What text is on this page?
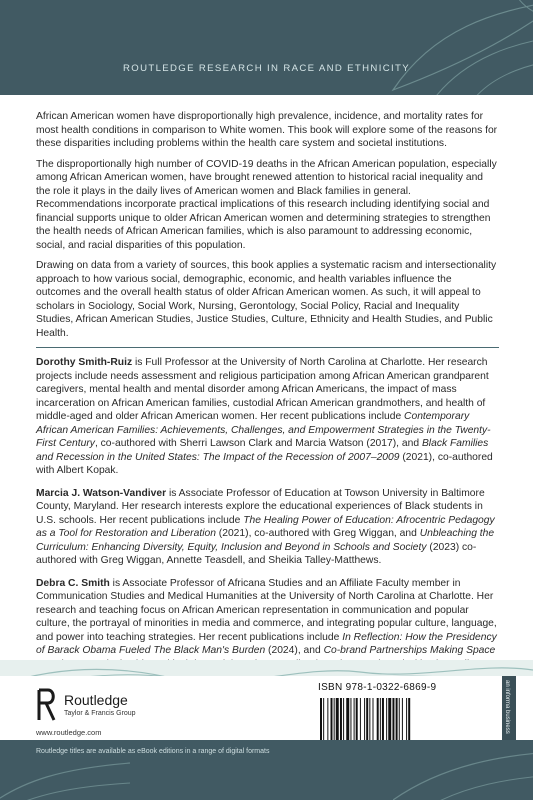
ROUTLEDGE RESEARCH IN RACE AND ETHNICITY

African American women have disproportionally high prevalence, incidence, and mortality rates for most health conditions in comparison to White women. This book will explore some of the reasons for these disparities including problems within the health care system and societal institutions.

The disproportionally high number of COVID-19 deaths in the African American population, especially among African American women, have brought renewed attention to historical racial inequality and the role it plays in the daily lives of American women and Black families in general. Recommendations incorporate practical implications of this research including identifying social and financial supports unique to older African American women and determining strategies to strengthen the health needs of African American families, which is also paramount to addressing economic, social, and racial disparities of this population.

Drawing on data from a variety of sources, this book applies a systematic racism and intersectionality approach to how various social, demographic, economic, and health variables influence the outcomes and the overall health status of older African American women. As such, it will appeal to scholars in Sociology, Social Work, Nursing, Gerontology, Social Policy, Racial and Inequality Studies, African American Studies, Justice Studies, Culture, Ethnicity and Health Studies, and Public Health.

Dorothy Smith-Ruiz is Full Professor at the University of North Carolina at Charlotte. Her research projects include needs assessment and religious participation among African American grandparent caregivers, mental health and mental disorder among African Americans, the impact of mass incarceration on African American families, custodial African American grandmothers, and health of middle-aged and older African American women. Her recent publications include Contemporary African American Families: Achievements, Challenges, and Empowerment Strategies in the Twenty-First Century, co-authored with Sherri Lawson Clark and Marcia Watson (2017), and Black Families and Recession in the United States: The Impact of the Recession of 2007–2009 (2021), co-authored with Albert Kopak.
Marcia J. Watson-Vandiver is Associate Professor of Education at Towson University in Baltimore County, Maryland. Her research interests explore the educational experiences of Black students in U.S. schools. Her recent publications include The Healing Power of Education: Afrocentric Pedagogy as a Tool for Restoration and Liberation (2021), co-authored with Greg Wiggan, and Unbleaching the Curriculum: Enhancing Diversity, Equity, Inclusion and Beyond in Schools and Society (2023) co-authored with Greg Wiggan, Annette Teasdell, and Sheikia Talley-Matthews.
Debra C. Smith is Associate Professor of Africana Studies and an Affiliate Faculty member in Communication Studies and Medical Humanities at the University of North Carolina at Charlotte. Her research and teaching focus on African American representation in communication and popular culture, the portrayal of minorities in media and commerce, and integrating popular culture, language, and power into teaching strategies. Her recent publications include In Reflection: How the Presidency of Barack Obama Fueled The Black Man's Burden (2024), and Co-brand Partnerships Making Space
Routledge
Taylor & Francis Group
www.routledge.com
ISBN 978-1-0322-6869-9	an informa business
Routledge titles are available as eBook editions in a range of digital formats
